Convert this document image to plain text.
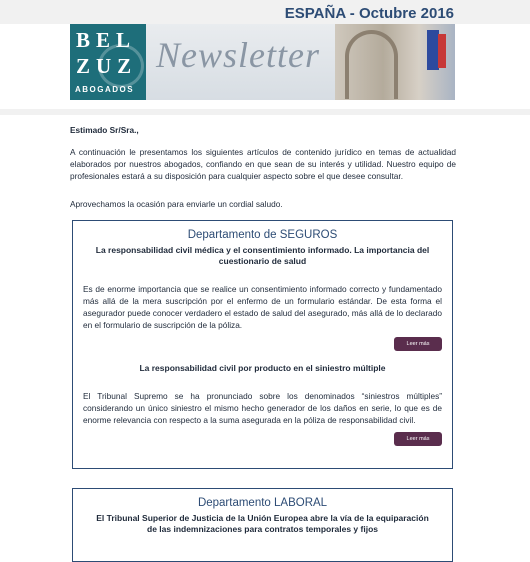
ESPAÑA - Octubre 2016
BEL
ZUZ
ABOGADOS
Newsletter

Estimado Sr/Sra.,

A continuación le presentamos los siguientes artículos de contenido jurídico en temas de actualidad elaborados por nuestros abogados, confiando en que sean de su interés y utilidad. Nuestro equipo de profesionales estará a su disposición para cualquier aspecto sobre el que desee consultar.

Aprovechamos la ocasión para enviarle un cordial saludo.

Departamento de SEGUROS
La responsabilidad civil médica y el consentimiento informado. La importancia del cuestionario de salud

Es de enorme importancia que se realice un consentimiento informado correcto y fundamentado más allá de la mera suscripción por el enfermo de un formulario estándar. De esta forma el asegurador puede conocer verdadero el estado de salud del asegurado, más allá de lo declarado en el formulario de suscripción de la póliza.

Leer más
La responsabilidad civil por producto en el siniestro múltiple

El Tribunal Supremo se ha pronunciado sobre los denominados “siniestros múltiples” considerando un único siniestro el mismo hecho generador de los daños en serie, lo que es de enorme relevancia con respecto a la suma asegurada en la póliza de responsabilidad civil.

Leer más
Departamento LABORAL
El Tribunal Superior de Justicia de la Unión Europea abre la vía de la equiparación de las indemnizaciones para contratos temporales y fijos
